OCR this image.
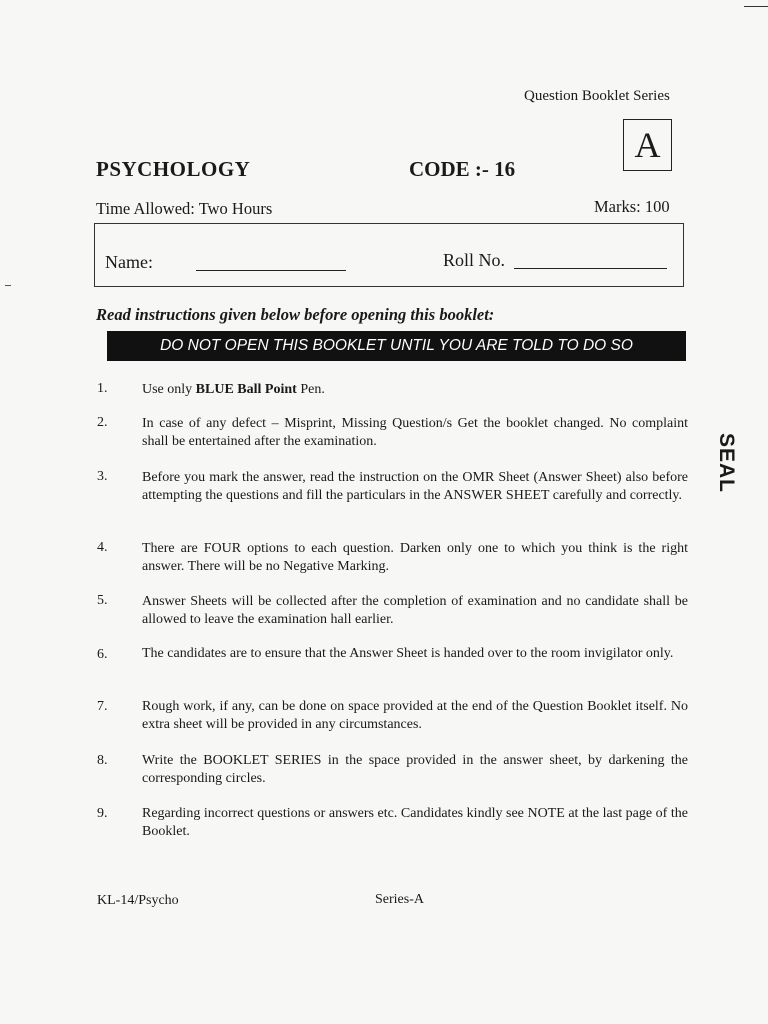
Question Booklet Series
A
PSYCHOLOGY	CODE :- 16
Time Allowed: Two Hours	Marks: 100
Name:	Roll No.
Read instructions given below before opening this booklet:
DO NOT OPEN THIS BOOKLET UNTIL YOU ARE TOLD TO DO SO
1. Use only BLUE Ball Point Pen.
2. In case of any defect – Misprint, Missing Question/s Get the booklet changed. No complaint shall be entertained after the examination.
3. Before you mark the answer, read the instruction on the OMR Sheet (Answer Sheet) also before attempting the questions and fill the particulars in the ANSWER SHEET carefully and correctly.
4. There are FOUR options to each question. Darken only one to which you think is the right answer. There will be no Negative Marking.
5. Answer Sheets will be collected after the completion of examination and no candidate shall be allowed to leave the examination hall earlier.
6. The candidates are to ensure that the Answer Sheet is handed over to the room invigilator only.
7. Rough work, if any, can be done on space provided at the end of the Question Booklet itself. No extra sheet will be provided in any circumstances.
8. Write the BOOKLET SERIES in the space provided in the answer sheet, by darkening the corresponding circles.
9. Regarding incorrect questions or answers etc. Candidates kindly see NOTE at the last page of the Booklet.
KL-14/Psycho	Series-A
SEAL
